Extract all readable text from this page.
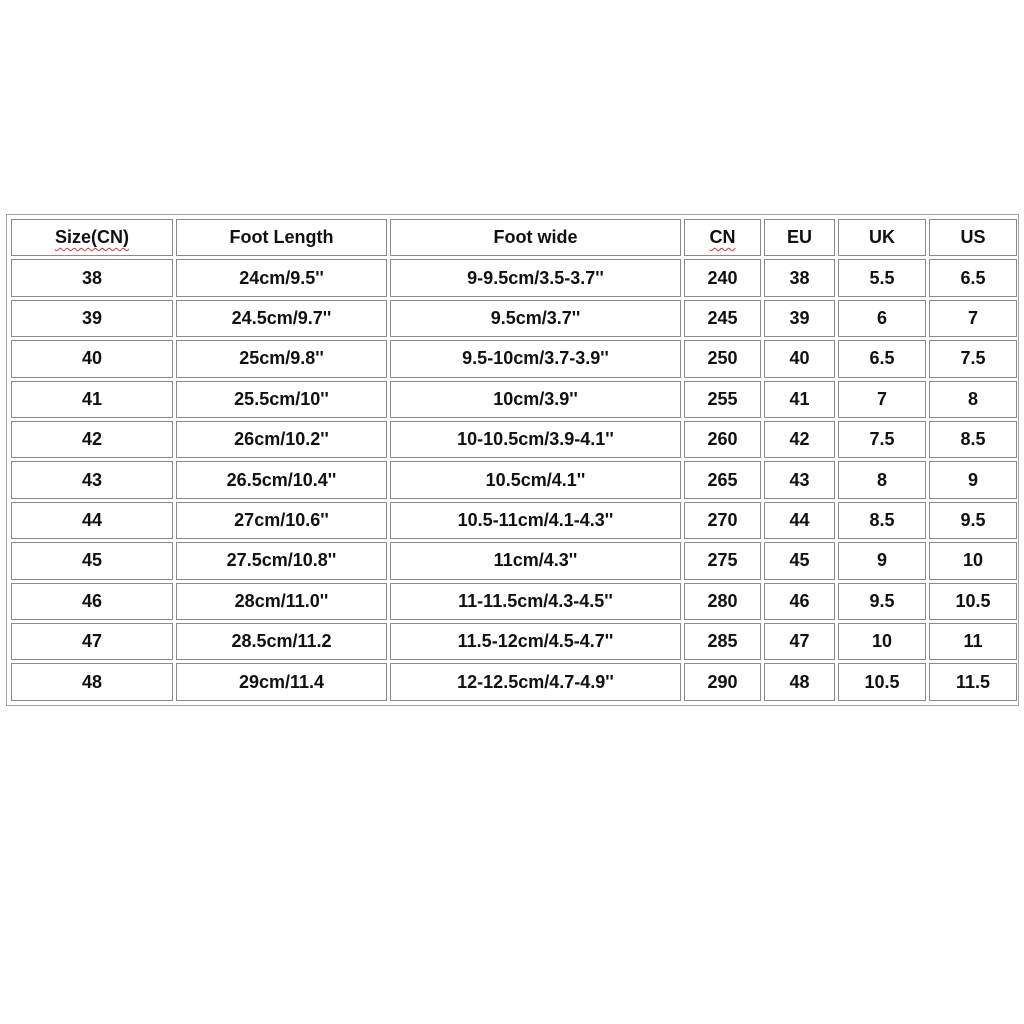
Size(CN)	Foot Length	Foot wide	CN	EU	UK	US
38	24cm/9.5''	9-9.5cm/3.5-3.7''	240	38	5.5	6.5
39	24.5cm/9.7''	9.5cm/3.7''	245	39	6	7
40	25cm/9.8''	9.5-10cm/3.7-3.9''	250	40	6.5	7.5
41	25.5cm/10''	10cm/3.9''	255	41	7	8
42	26cm/10.2''	10-10.5cm/3.9-4.1''	260	42	7.5	8.5
43	26.5cm/10.4''	10.5cm/4.1''	265	43	8	9
44	27cm/10.6''	10.5-11cm/4.1-4.3''	270	44	8.5	9.5
45	27.5cm/10.8''	11cm/4.3''	275	45	9	10
46	28cm/11.0''	11-11.5cm/4.3-4.5''	280	46	9.5	10.5
47	28.5cm/11.2	11.5-12cm/4.5-4.7''	285	47	10	11
48	29cm/11.4	12-12.5cm/4.7-4.9''	290	48	10.5	11.5
